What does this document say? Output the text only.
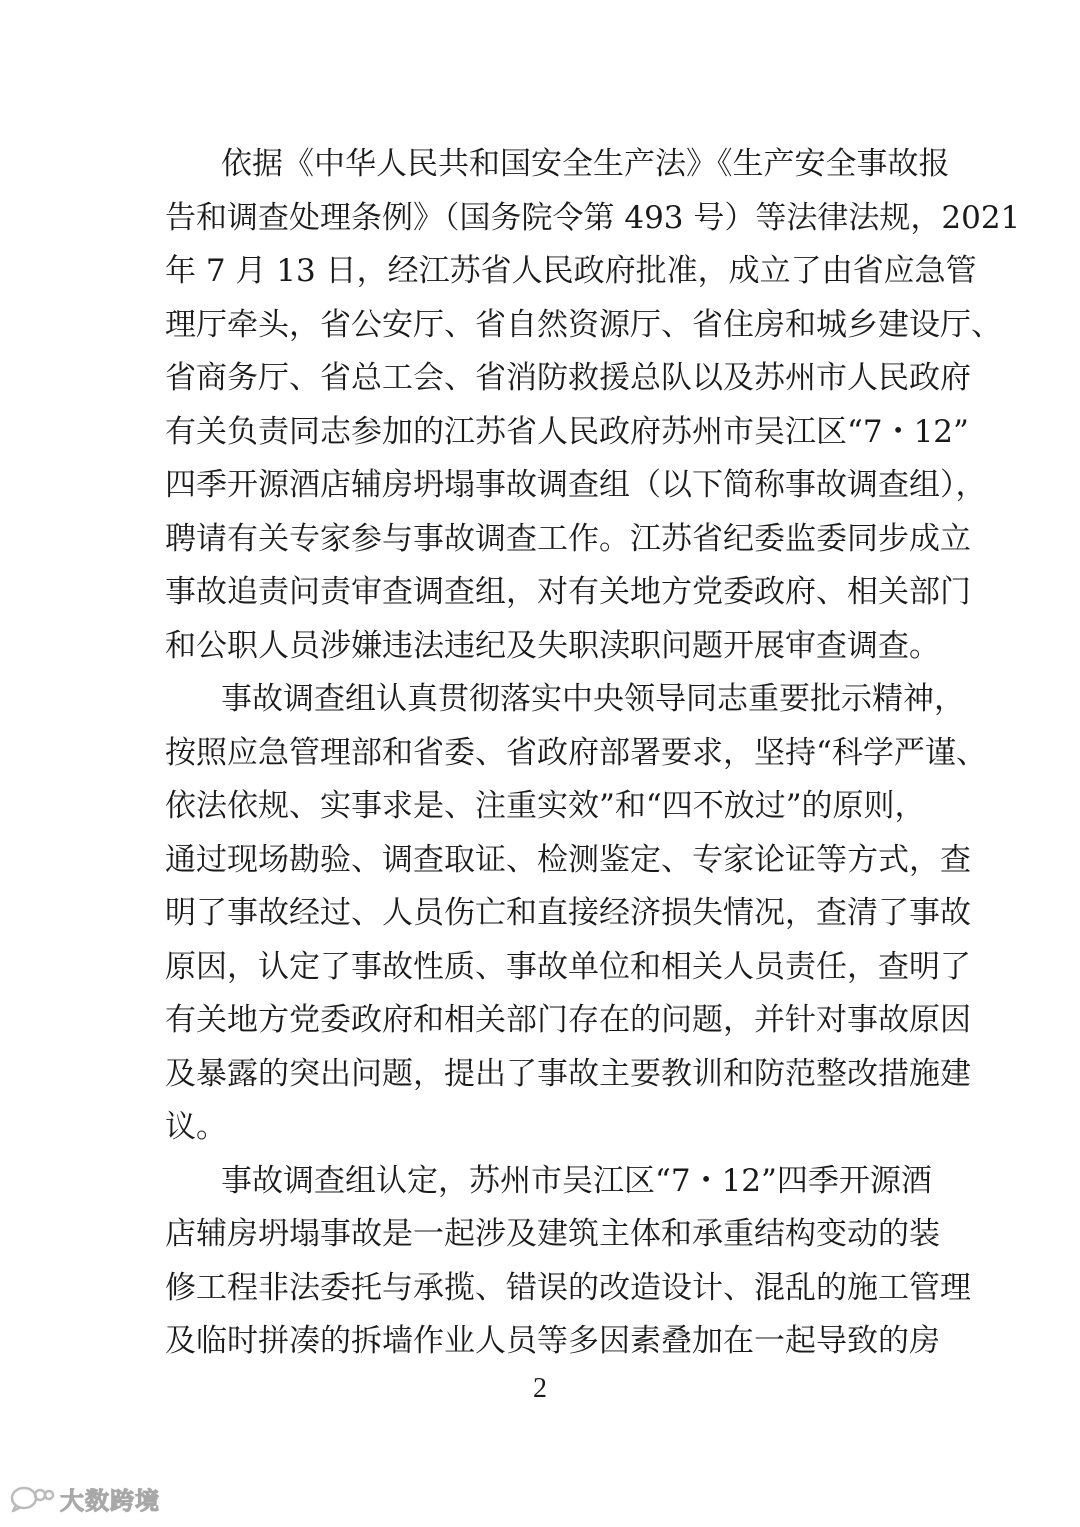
依据《中华人民共和国安全生产法》《生产安全事故报
告和调查处理条例》（国务院令第 493 号）等法律法规，2021
年 7 月 13 日，经江苏省人民政府批准，成立了由省应急管
理厅牵头，省公安厅、省自然资源厅、省住房和城乡建设厅、
省商务厅、省总工会、省消防救援总队以及苏州市人民政府
有关负责同志参加的江苏省人民政府苏州市吴江区“7・12”
四季开源酒店辅房坍塌事故调查组（以下简称事故调查组），
聘请有关专家参与事故调查工作。江苏省纪委监委同步成立
事故追责问责审查调查组，对有关地方党委政府、相关部门
和公职人员涉嫌违法违纪及失职渎职问题开展审查调查。
事故调查组认真贯彻落实中央领导同志重要批示精神，
按照应急管理部和省委、省政府部署要求，坚持“科学严谨、
依法依规、实事求是、注重实效”和“四不放过”的原则，
通过现场勘验、调查取证、检测鉴定、专家论证等方式，查
明了事故经过、人员伤亡和直接经济损失情况，查清了事故
原因，认定了事故性质、事故单位和相关人员责任，查明了
有关地方党委政府和相关部门存在的问题，并针对事故原因
及暴露的突出问题，提出了事故主要教训和防范整改措施建
议。
事故调查组认定，苏州市吴江区“7・12”四季开源酒
店辅房坍塌事故是一起涉及建筑主体和承重结构变动的装
修工程非法委托与承揽、错误的改造设计、混乱的施工管理
及临时拼凑的拆墙作业人员等多因素叠加在一起导致的房
2
大数跨境
